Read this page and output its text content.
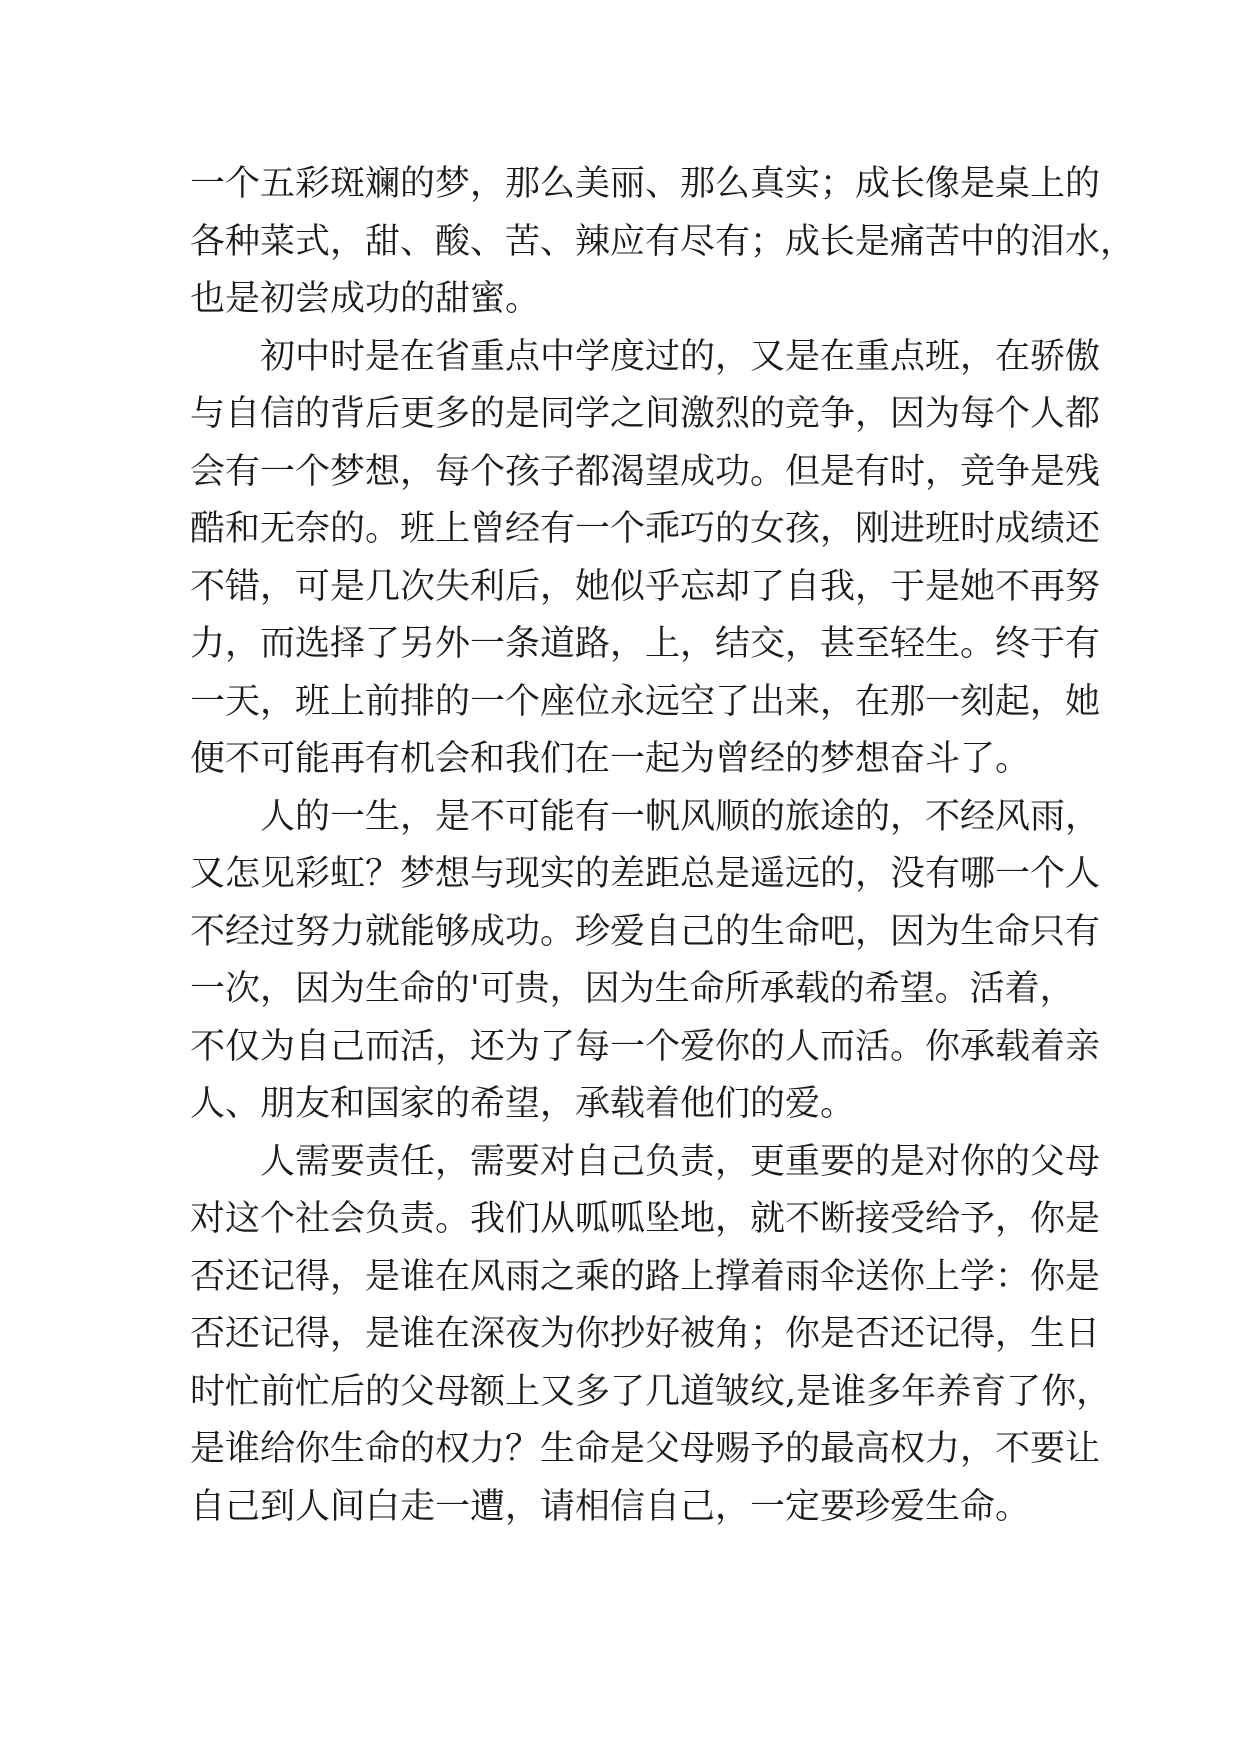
一个五彩斑斓的梦，那么美丽、那么真实；成长像是桌上的
各种菜式，甜、酸、苦、辣应有尽有；成长是痛苦中的泪水，
也是初尝成功的甜蜜。
　　初中时是在省重点中学度过的，又是在重点班，在骄傲
与自信的背后更多的是同学之间激烈的竞争，因为每个人都
会有一个梦想，每个孩子都渴望成功。但是有时，竞争是残
酷和无奈的。班上曾经有一个乖巧的女孩，刚进班时成绩还
不错，可是几次失利后，她似乎忘却了自我，于是她不再努
力，而选择了另外一条道路，上，结交，甚至轻生。终于有
一天，班上前排的一个座位永远空了出来，在那一刻起，她
便不可能再有机会和我们在一起为曾经的梦想奋斗了。
　　人的一生，是不可能有一帆风顺的旅途的，不经风雨，
又怎见彩虹？梦想与现实的差距总是遥远的，没有哪一个人
不经过努力就能够成功。珍爱自己的生命吧，因为生命只有
一次，因为生命的'可贵，因为生命所承载的希望。活着，
不仅为自己而活，还为了每一个爱你的人而活。你承载着亲
人、朋友和国家的希望，承载着他们的爱。
　　人需要责任，需要对自己负责，更重要的是对你的父母
对这个社会负责。我们从呱呱坠地，就不断接受给予，你是
否还记得，是谁在风雨之乘的路上撑着雨伞送你上学：你是
否还记得，是谁在深夜为你抄好被角；你是否还记得，生日
时忙前忙后的父母额上又多了几道皱纹,是谁多年养育了你，
是谁给你生命的权力？生命是父母赐予的最高权力，不要让
自己到人间白走一遭，请相信自己，一定要珍爱生命。
